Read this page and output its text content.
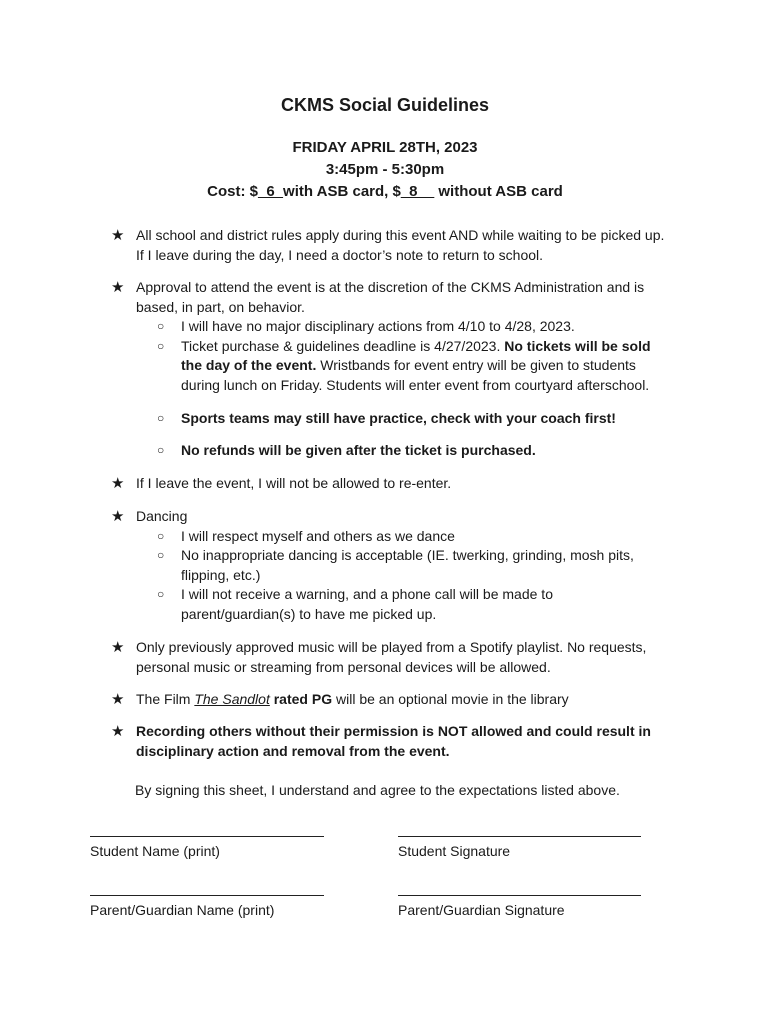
CKMS Social Guidelines
FRIDAY APRIL 28TH, 2023
3:45pm - 5:30pm
Cost: $_6_with ASB card, $_8__ without ASB card
★ All school and district rules apply during this event AND while waiting to be picked up. If I leave during the day, I need a doctor’s note to return to school.
★ Approval to attend the event is at the discretion of the CKMS Administration and is based, in part, on behavior.
○ I will have no major disciplinary actions from 4/10 to 4/28, 2023.
○ Ticket purchase & guidelines deadline is 4/27/2023. No tickets will be sold the day of the event. Wristbands for event entry will be given to students during lunch on Friday. Students will enter event from courtyard afterschool.
○ Sports teams may still have practice, check with your coach first!
○ No refunds will be given after the ticket is purchased.
★ If I leave the event, I will not be allowed to re-enter.
★ Dancing
○ I will respect myself and others as we dance
○ No inappropriate dancing is acceptable (IE. twerking, grinding, mosh pits, flipping, etc.)
○ I will not receive a warning, and a phone call will be made to parent/guardian(s) to have me picked up.
★ Only previously approved music will be played from a Spotify playlist. No requests, personal music or streaming from personal devices will be allowed.
★ The Film The Sandlot rated PG will be an optional movie in the library
★ Recording others without their permission is NOT allowed and could result in disciplinary action and removal from the event.
By signing this sheet, I understand and agree to the expectations listed above.
Student Name (print)	Student Signature
Parent/Guardian Name (print)	Parent/Guardian Signature
